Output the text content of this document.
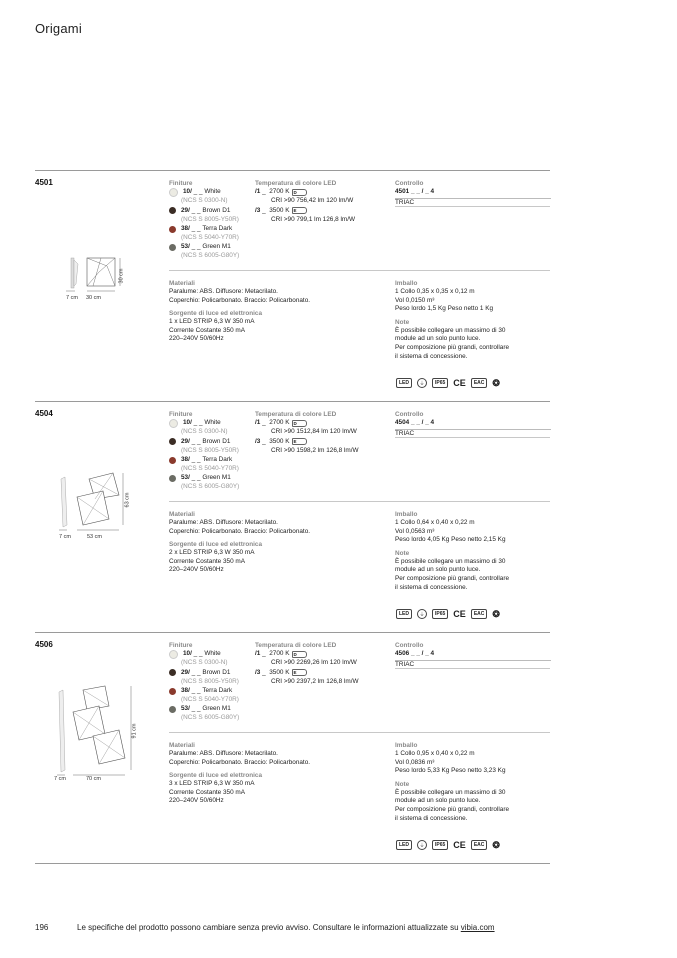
Origami
4501	Finiture
10/
_ _
White
(NCS S 0300-N)
29/
_ _
Brown D1
(NCS S 8005-Y50R)
38/
_ _
Terra Dark
(NCS S 5040-Y70R)
53/
_ _
Green M1
(NCS S 6005-G80Y)
Temperatura di colore LED
/1 _ 2700 K D
CRI >90 756,42 lm 120 lm/W
/3 _ 3500 K E
CRI >90 799,1 lm 126,8 lm/W
Controllo
4501 _ _ / _ 4
TRIAC
Materiali
Paralume: ABS. Diffusore: Metacrilato.
Coperchio: Policarbonato. Braccio: Policarbonato.
Sorgente di luce ed elettronica
1 x LED STRIP 6,3 W 350 mA
Corrente Costante 350 mA
220–240V 50/60Hz
Imballo
1 Collo 0,35 x 0,35 x 0,12 m
Vol 0,0150 m³
Peso lordo 1,5 Kg Peso netto 1 Kg
Note
È possibile collegare un massimo di 30
module ad un solo punto luce.
Per composizione più grandi, controllare
il sistema di concessione.
LED	⏚	IP65 CE	EAC ❂
30 cm
7 cm 30 cm
4504	Finiture
10/
_ _
White
(NCS S 0300-N)
29/
_ _
Brown D1
(NCS S 8005-Y50R)
38/
_ _
Terra Dark
(NCS S 5040-Y70R)
53/
_ _
Green M1
(NCS S 6005-G80Y)
Temperatura di colore LED
/1 _ 2700 K D
CRI >90 1512,84 lm 120 lm/W
/3 _ 3500 K E
CRI >90 1598,2 lm 126,8 lm/W
Controllo
4504 _ _ / _ 4
TRIAC
Materiali
Paralume: ABS. Diffusore: Metacrilato.
Coperchio: Policarbonato. Braccio: Policarbonato.
Sorgente di luce ed elettronica
2 x LED STRIP 6,3 W 350 mA
Corrente Costante 350 mA
220–240V 50/60Hz
Imballo
1 Collo 0,64 x 0,40 x 0,22 m
Vol 0,0563 m³
Peso lordo 4,05 Kg Peso netto 2,15 Kg
Note
È possibile collegare un massimo di 30
module ad un solo punto luce.
Per composizione più grandi, controllare
il sistema di concessione.
LED	⏚	IP65 CE	EAC ❂
63 cm
7 cm	53 cm
4506	Finiture
10/
_ _
White
(NCS S 0300-N)
29/
_ _
Brown D1
(NCS S 8005-Y50R)
38/
_ _
Terra Dark
(NCS S 5040-Y70R)
53/
_ _
Green M1
(NCS S 6005-G80Y)
Temperatura di colore LED
/1 _ 2700 K D
CRI >90 2269,26 lm 120 lm/W
/3 _ 3500 K E
CRI >90 2397,2 lm 126,8 lm/W
Controllo
4506 _ _ / _ 4
TRIAC
Materiali
Paralume: ABS. Diffusore: Metacrilato.
Coperchio: Policarbonato. Braccio: Policarbonato.
Sorgente di luce ed elettronica
3 x LED STRIP 6,3 W 350 mA
Corrente Costante 350 mA
220–240V 50/60Hz
Imballo
1 Collo 0,95 x 0,40 x 0,22 m
Vol 0,0836 m³
Peso lordo 5,33 Kg Peso netto 3,23 Kg
Note
È possibile collegare un massimo di 30
module ad un solo punto luce.
Per composizione più grandi, controllare
il sistema di concessione.
LED	⏚	IP65 CE	EAC ❂
91 cm
7 cm	70 cm
196	Le specifiche del prodotto possono cambiare senza previo avviso. Consultare le informazioni attualizzate su vibia.com
